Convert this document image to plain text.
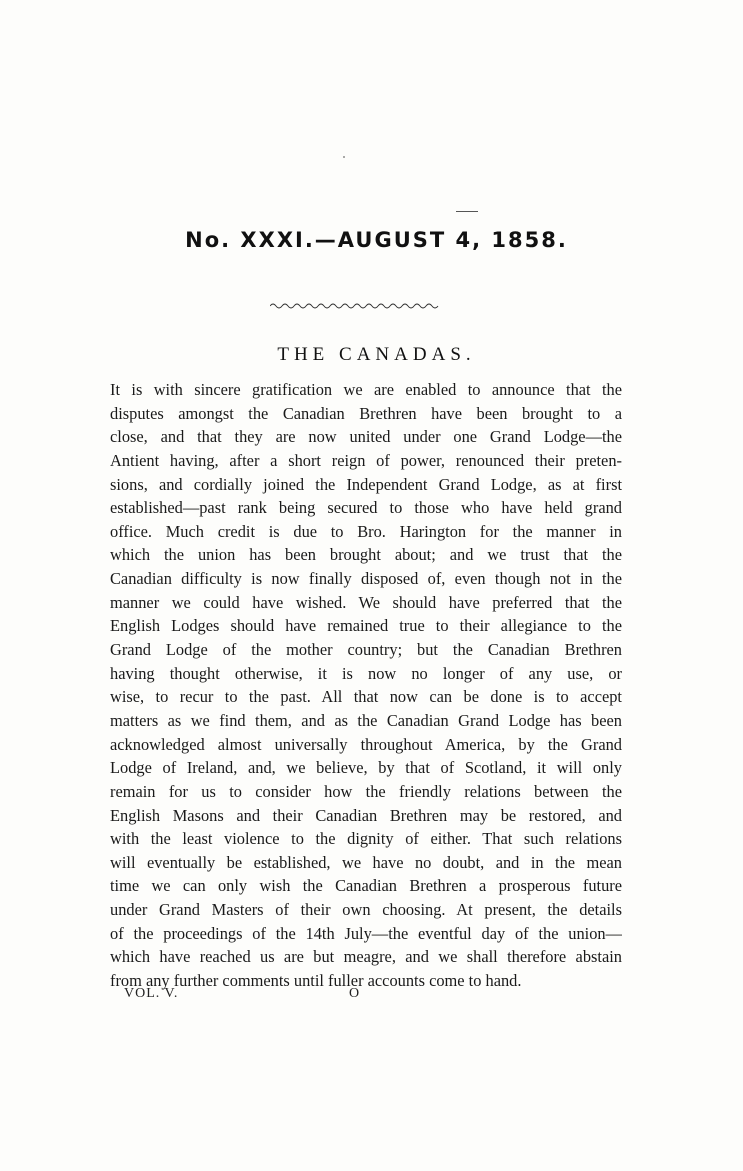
No. XXXI.—AUGUST 4, 1858.
THE CANADAS.
It is with sincere gratification we are enabled to announce that the
disputes amongst the Canadian Brethren have been brought to a
close, and that they are now united under one Grand Lodge—the
Antient having, after a short reign of power, renounced their preten-
sions, and cordially joined the Independent Grand Lodge, as at first
established—past rank being secured to those who have held grand
office. Much credit is due to Bro. Harington for the manner in
which the union has been brought about; and we trust that the
Canadian difficulty is now finally disposed of, even though not in the
manner we could have wished. We should have preferred that the
English Lodges should have remained true to their allegiance to the
Grand Lodge of the mother country; but the Canadian Brethren
having thought otherwise, it is now no longer of any use, or
wise, to recur to the past. All that now can be done is to accept
matters as we find them, and as the Canadian Grand Lodge has been
acknowledged almost universally throughout America, by the Grand
Lodge of Ireland, and, we believe, by that of Scotland, it will only
remain for us to consider how the friendly relations between the
English Masons and their Canadian Brethren may be restored, and
with the least violence to the dignity of either. That such relations
will eventually be established, we have no doubt, and in the mean
time we can only wish the Canadian Brethren a prosperous future
under Grand Masters of their own choosing. At present, the details
of the proceedings of the 14th July—the eventful day of the union—
which have reached us are but meagre, and we shall therefore abstain
from any further comments until fuller accounts come to hand.
VOL. V.	O
